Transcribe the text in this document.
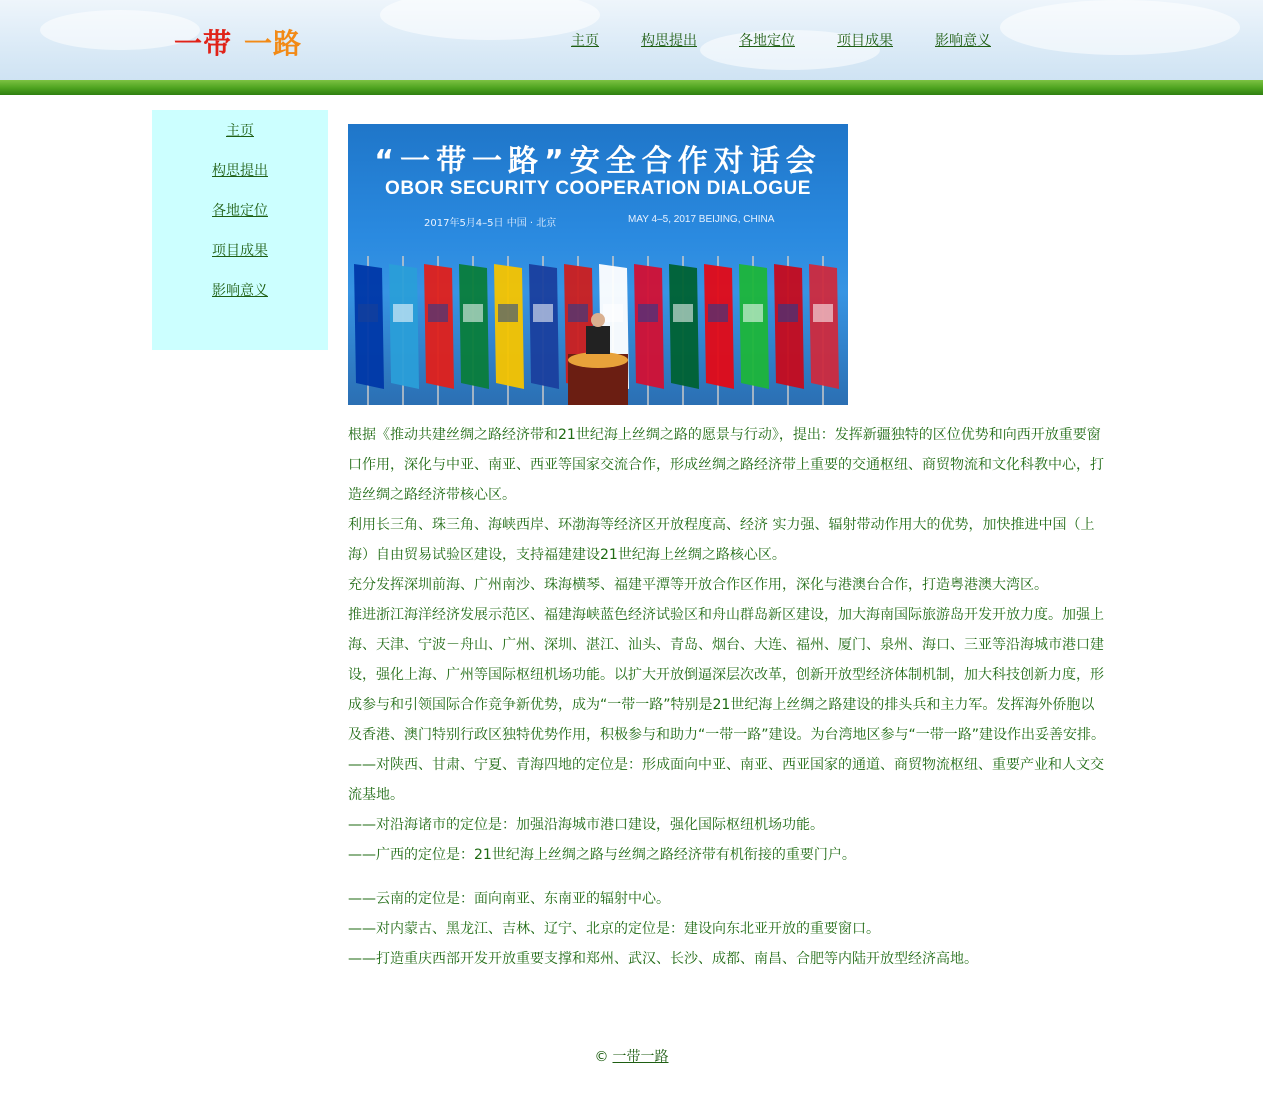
一带 一路	主页	构思提出	各地定位	项目成果	影响意义
主页
构思提出
各地定位
项目成果
影响意义
“一带一路”安全合作对话会
OBOR SECURITY COOPERATION DIALOGUE
2017年5月4–5日 中国 · 北京	MAY 4–5, 2017 BEIJING, CHINA

根据《推动共建丝绸之路经济带和21世纪海上丝绸之路的愿景与行动》，提出：发挥新疆独特的区位优势和向西开放重要窗口作用，深化与中亚、南亚、西亚等国家交流合作，形成丝绸之路经济带上重要的交通枢纽、商贸物流和文化科教中心，打造丝绸之路经济带核心区。

利用长三角、珠三角、海峡西岸、环渤海等经济区开放程度高、经济 实力强、辐射带动作用大的优势，加快推进中国（上海）自由贸易试验区建设，支持福建建设21世纪海上丝绸之路核心区。

充分发挥深圳前海、广州南沙、珠海横琴、福建平潭等开放合作区作用，深化与港澳台合作，打造粤港澳大湾区。

推进浙江海洋经济发展示范区、福建海峡蓝色经济试验区和舟山群岛新区建设，加大海南国际旅游岛开发开放力度。加强上海、天津、宁波－舟山、广州、深圳、湛江、汕头、青岛、烟台、大连、福州、厦门、泉州、海口、三亚等沿海城市港口建设，强化上海、广州等国际枢纽机场功能。以扩大开放倒逼深层次改革，创新开放型经济体制机制，加大科技创新力度，形成参与和引领国际合作竞争新优势，成为“一带一路”特别是21世纪海上丝绸之路建设的排头兵和主力军。发挥海外侨胞以及香港、澳门特别行政区独特优势作用，积极参与和助力“一带一路”建设。为台湾地区参与“一带一路”建设作出妥善安排。

——对陕西、甘肃、宁夏、青海四地的定位是：形成面向中亚、南亚、西亚国家的通道、商贸物流枢纽、重要产业和人文交流基地。

——对沿海诸市的定位是：加强沿海城市港口建设，强化国际枢纽机场功能。

——广西的定位是：21世纪海上丝绸之路与丝绸之路经济带有机衔接的重要门户。

——云南的定位是：面向南亚、东南亚的辐射中心。

——对内蒙古、黑龙江、吉林、辽宁、北京的定位是：建设向东北亚开放的重要窗口。

——打造重庆西部开发开放重要支撑和郑州、武汉、长沙、成都、南昌、合肥等内陆开放型经济高地。

© 一带一路
